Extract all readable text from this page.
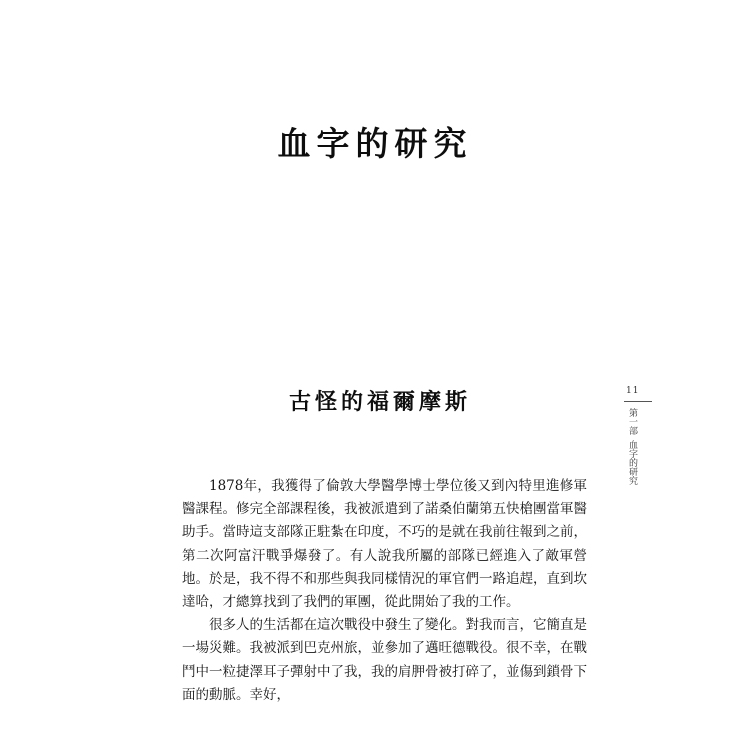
血字的研究
古怪的福爾摩斯	11
第一部
血字的研究

1878年，我獲得了倫敦大學醫學博士學位後又到內特里進修軍醫課程。修完全部課程後，我被派遣到了諾桑伯蘭第五快槍團當軍醫助手。當時這支部隊正駐紮在印度，不巧的是就在我前往報到之前，第二次阿富汗戰爭爆發了。有人說我所屬的部隊已經進入了敵軍營地。於是，我不得不和那些與我同樣情況的軍官們一路追趕，直到坎達哈，才總算找到了我們的軍團，從此開始了我的工作。

很多人的生活都在這次戰役中發生了變化。對我而言，它簡直是一場災難。我被派到巴克州旅，並參加了邁旺德戰役。很不幸，在戰鬥中一粒捷澤耳子彈射中了我，我的肩胛骨被打碎了，並傷到鎖骨下面的動脈。幸好，
